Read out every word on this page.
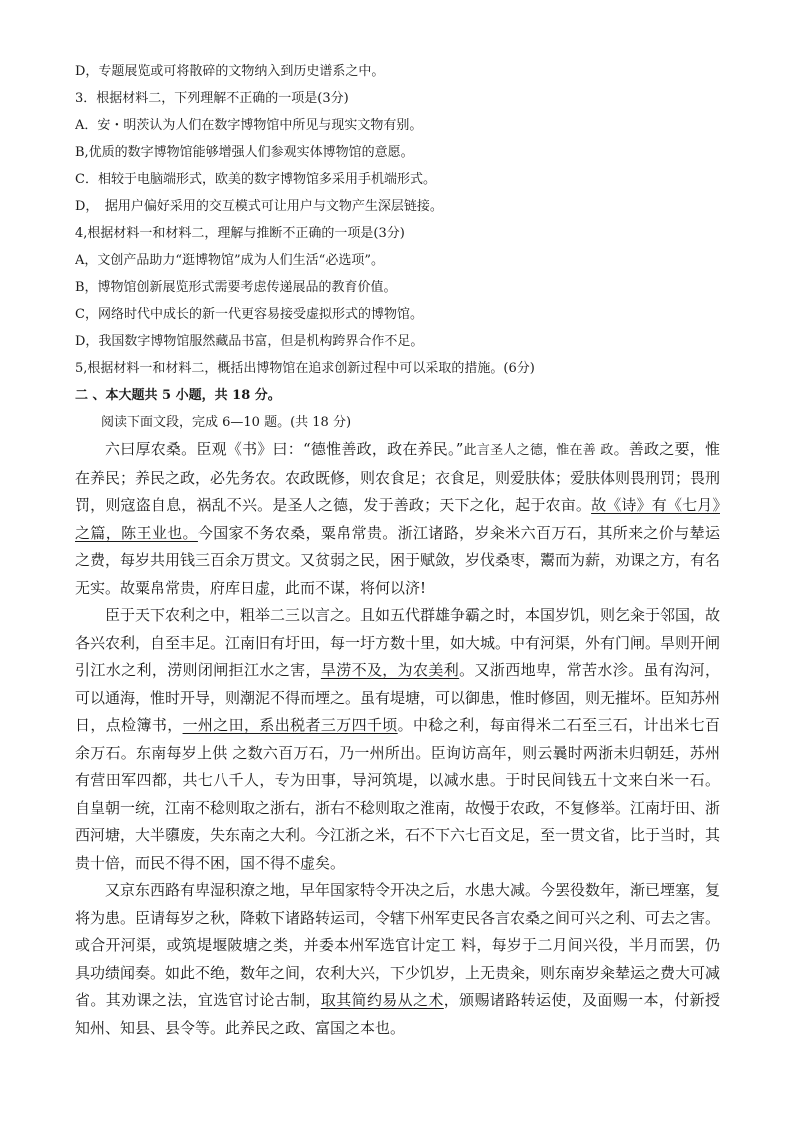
D，专题展览或可将散碎的文物纳入到历史谱系之中。
3．根据材料二，下列理解不正确的一项是(3分)
A．安・明茨认为人们在数字博物馆中所见与现实文物有别。
B,优质的数字博物馆能够增强人们参观实体博物馆的意愿。
C．相较于电脑端形式，欧美的数字博物馆多采用手机端形式。
D，　据用户偏好采用的交互模式可让用户与文物产生深层链接。
4,根据材料一和材料二，理解与推断不正确的一项是(3分)
A，文创产品助力“逛博物馆”成为人们生活“必选项”。
B，博物馆创新展览形式需要考虑传递展品的教育价值。
C，网络时代中成长的新一代更容易接受虚拟形式的博物馆。
D，我国数字博物馆服然藏品书富，但是机构跨界合作不足。
5,根据材料一和材料二，概括出博物馆在追求创新过程中可以采取的措施。(6分)
二 、本大题共 5 小题，共 18 分。
阅读下面文段，完成 6—10 题。(共 18 分)

六曰厚农桑。臣观《书》曰：“德惟善政，政在养民。”此言圣人之德，惟在善 政。善政之要，惟在养民；养民之政，必先务农。农政既修，则农食足；衣食足，则爱肤体；爱肤体则畏刑罚；畏刑罚，则寇盗自息，祸乱不兴。是圣人之德，发于善政；天下之化，起于农亩。故《诗》有《七月》之篇，陈王业也。今国家不务农桑，粟帛常贵。浙江诸路，岁籴米六百万石，其所来之价与辇运之费，每岁共用钱三百余万贯文。又贫弱之民，困于赋敛，岁伐桑枣，鬻而为薪，劝课之方，有名无实。故粟帛常贵，府库日虚，此而不谋，将何以济!

臣于天下农利之中，粗举二三以言之。且如五代群雄争霸之时，本国岁饥，则乞籴于邻国，故各兴农利，自至丰足。江南旧有圩田，每一圩方数十里，如大城。中有河渠，外有门闸。旱则开闸引江水之利，涝则闭闸拒江水之害，旱涝不及，为农美利。又浙西地卑，常苦水沴。虽有沟河，可以通海，惟时开导，则潮泥不得而堙之。虽有堤塘，可以御患，惟时修固，则无摧坏。臣知苏州日，点检簿书，一州之田，系出税者三万四千顷。中稔之利，每亩得米二石至三石，计出米七百余万石。东南每岁上供 之数六百万石，乃一州所出。臣询访高年，则云曩时两浙未归朝廷，苏州有营田军四都，共七八千人，专为田事，导河筑堤，以减水患。于时民间钱五十文来白米一石。 自皇朝一统，江南不稔则取之浙右，浙右不稔则取之淮南，故慢于农政，不复修举。江南圩田、浙西河塘，大半隳废，失东南之大利。今江浙之米，石不下六七百文足，至一贯文省，比于当时，其贵十倍，而民不得不困，国不得不虚矣。

又京东西路有卑湿积潦之地，早年国家特令开决之后，水患大减。今罢役数年，渐已堙塞，复将为患。臣请每岁之秋，降敕下诸路转运司，令辖下州军吏民各言农桑之间可兴之利、可去之害。或合开河渠，或筑堤堰陂塘之类，并委本州军选官计定工 料，每岁于二月间兴役，半月而罢，仍具功绩闻奏。如此不绝，数年之间，农利大兴，下少饥岁，上无贵籴，则东南岁籴辇运之费大可减省。其劝课之法，宜选官讨论古制，取其简约易从之术，颁赐诸路转运使，及面赐一本，付新授知州、知县、县令等。此养民之政、富国之本也。
